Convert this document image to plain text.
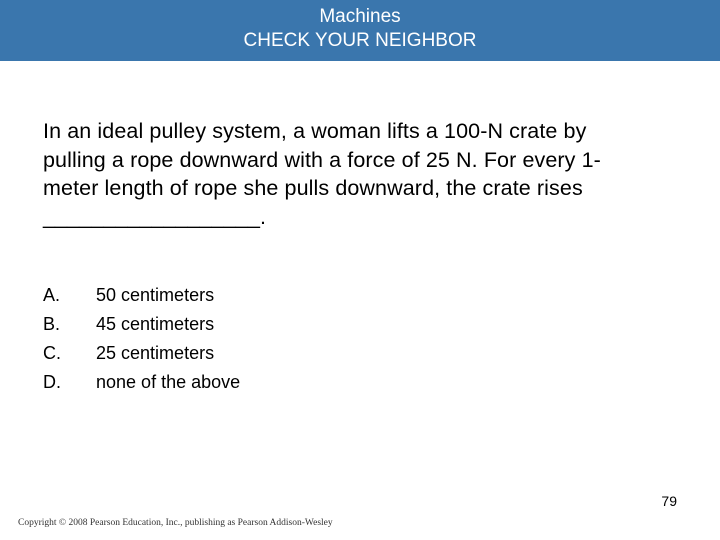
Machines
CHECK YOUR NEIGHBOR
In an ideal pulley system, a woman lifts a 100-N crate by
pulling a rope downward with a force of 25 N. For every 1-
meter length of rope she pulls downward, the crate rises
__________________.
A. 50 centimeters
B. 45 centimeters
C. 25 centimeters
D. none of the above
79
Copyright © 2008 Pearson Education, Inc., publishing as Pearson Addison-Wesley
